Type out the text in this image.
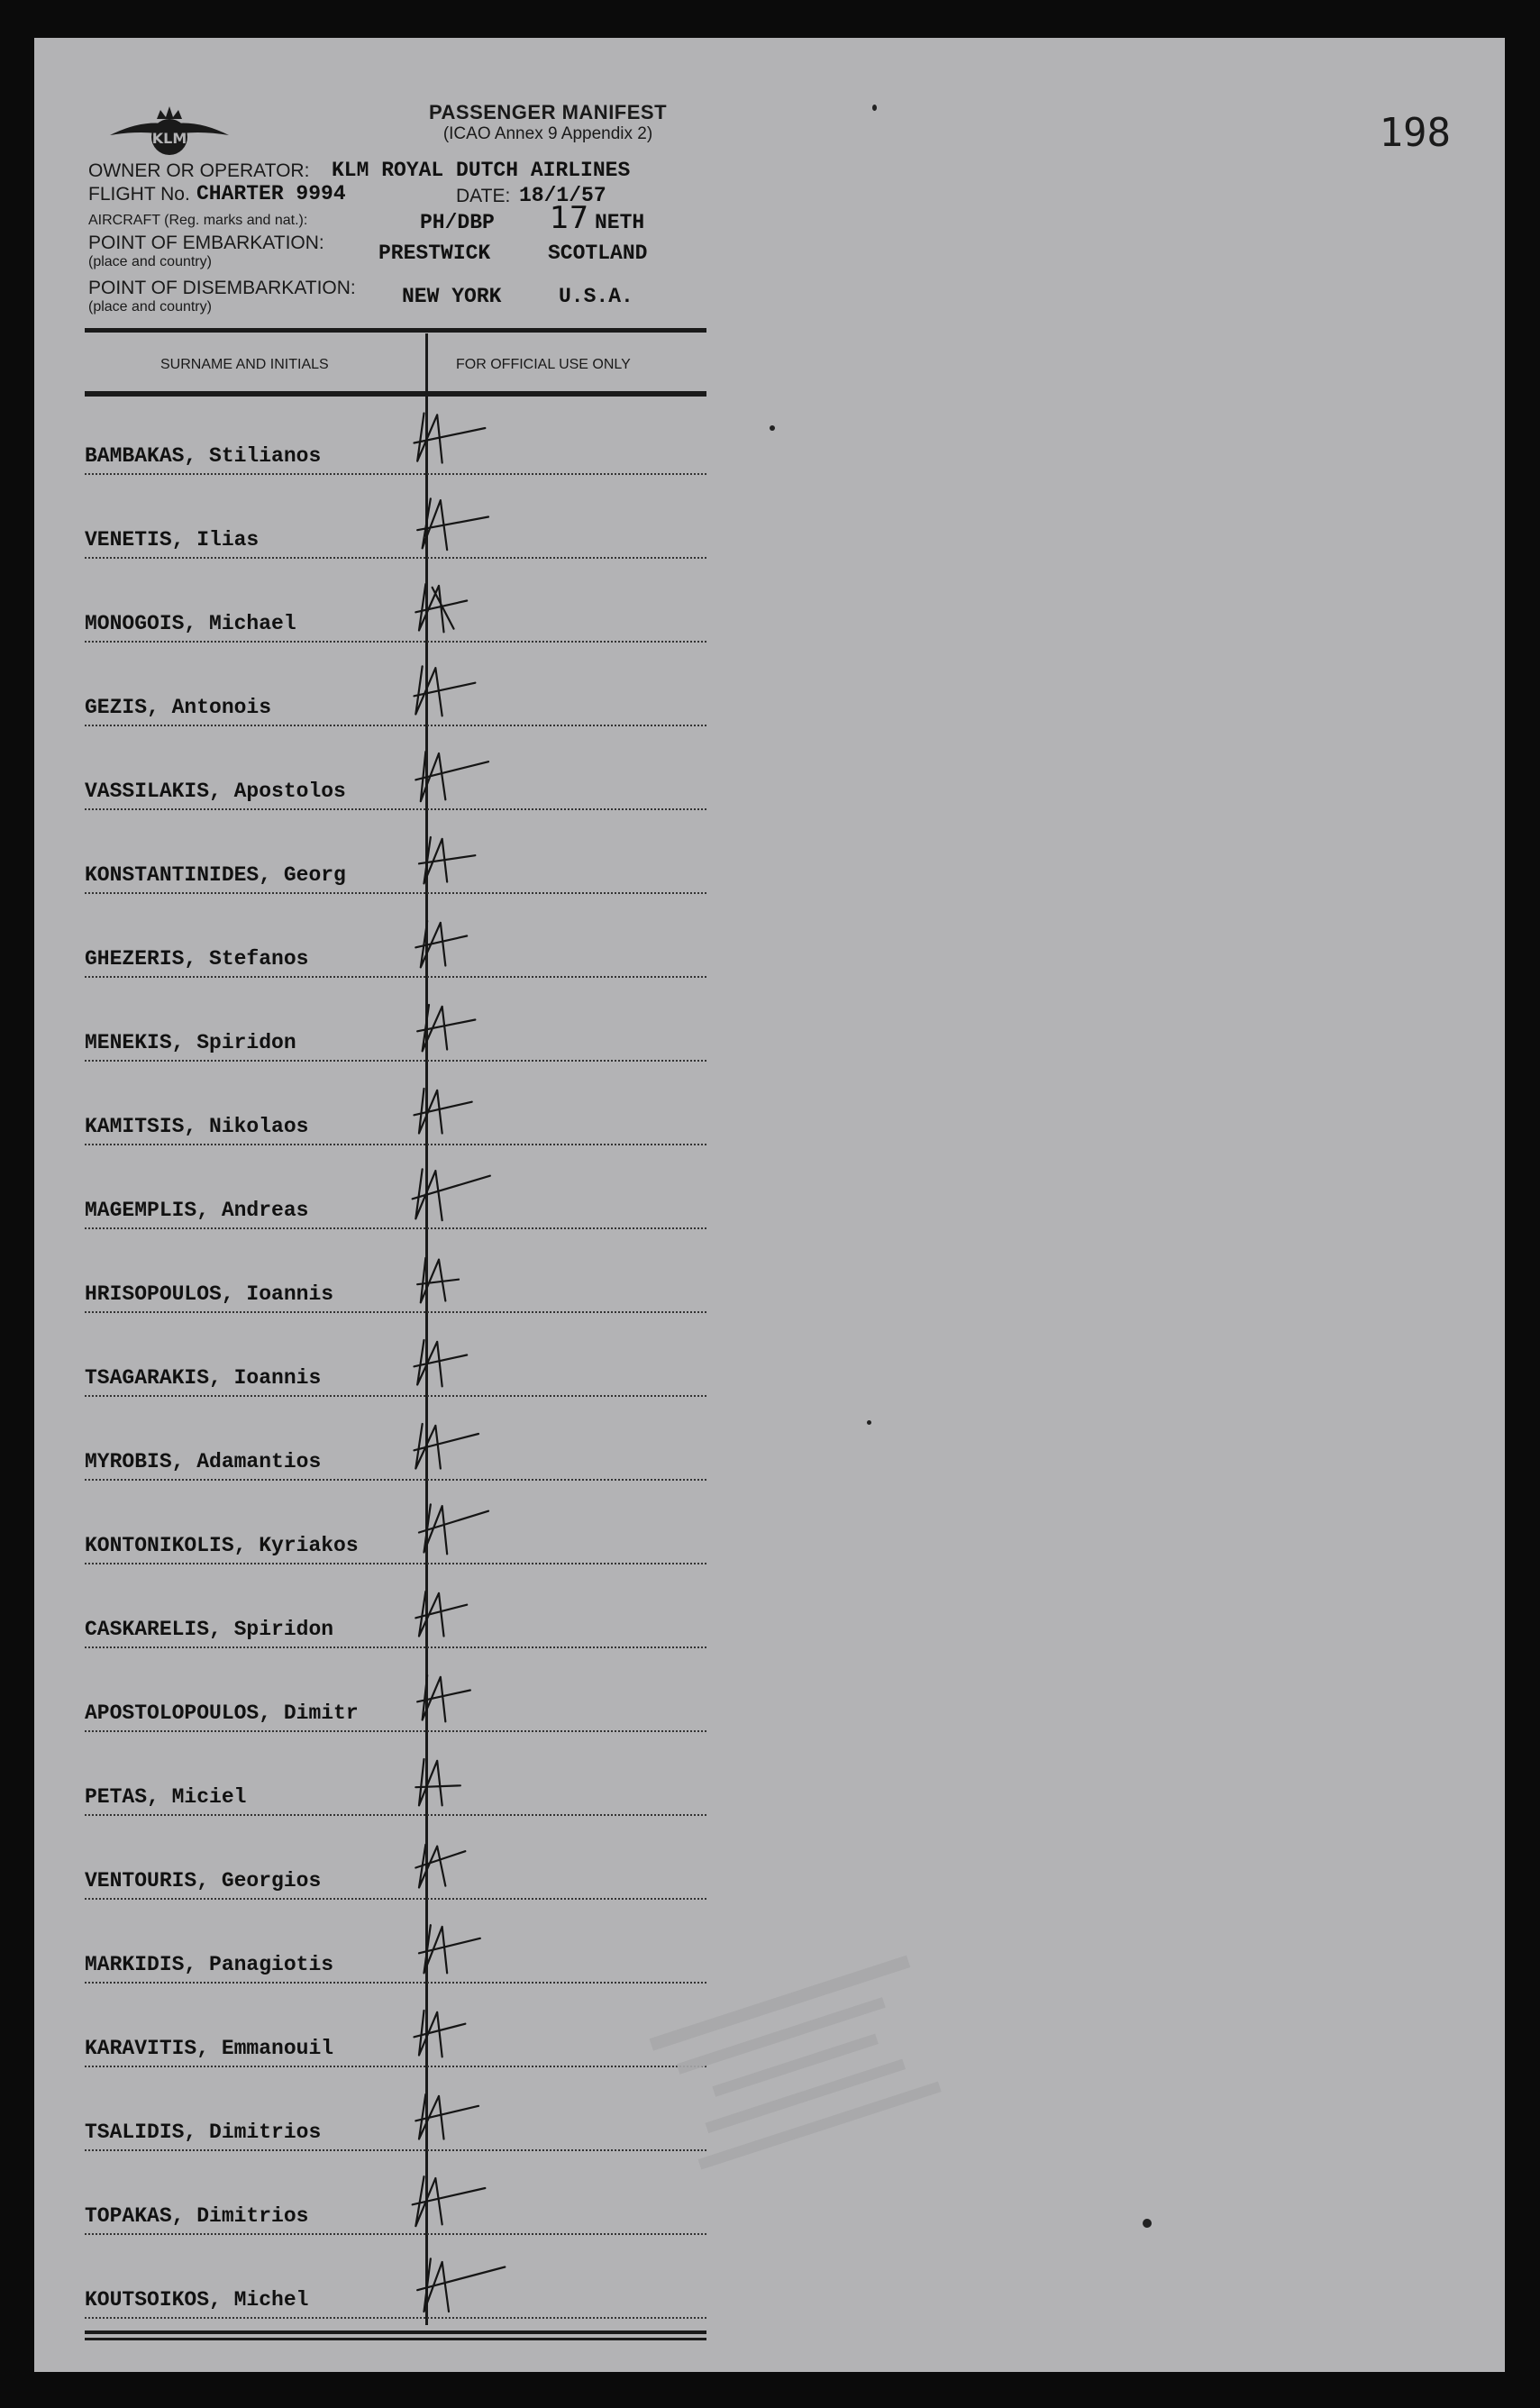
198
KLM
PASSENGER MANIFEST
(ICAO Annex 9 Appendix 2)
OWNER OR OPERATOR: KLM ROYAL DUTCH AIRLINES
FLIGHT No. CHARTER 9994	DATE: 18/1/57
AIRCRAFT (Reg. marks and nat.):	PH/DBP 17 NETH
POINT OF EMBARKATION:
(place and country)	PRESTWICK	SCOTLAND
POINT OF DISEMBARKATION:
(place and country)	NEW YORK	U.S.A.
SURNAME AND INITIALS	FOR OFFICIAL USE ONLY
BAMBAKAS, Stilianos
VENETIS, Ilias
MONOGOIS, Michael
GEZIS, Antonois
VASSILAKIS, Apostolos
KONSTANTINIDES, Georg
GHEZERIS, Stefanos
MENEKIS, Spiridon
KAMITSIS, Nikolaos
MAGEMPLIS, Andreas
HRISOPOULOS, Ioannis
TSAGARAKIS, Ioannis
MYROBIS, Adamantios
KONTONIKOLIS, Kyriakos
CASKARELIS, Spiridon
APOSTOLOPOULOS, Dimitr
PETAS, Miciel
VENTOURIS, Georgios
MARKIDIS, Panagiotis
KARAVITIS, Emmanouil
TSALIDIS, Dimitrios
TOPAKAS, Dimitrios
KOUTSOIKOS, Michel
